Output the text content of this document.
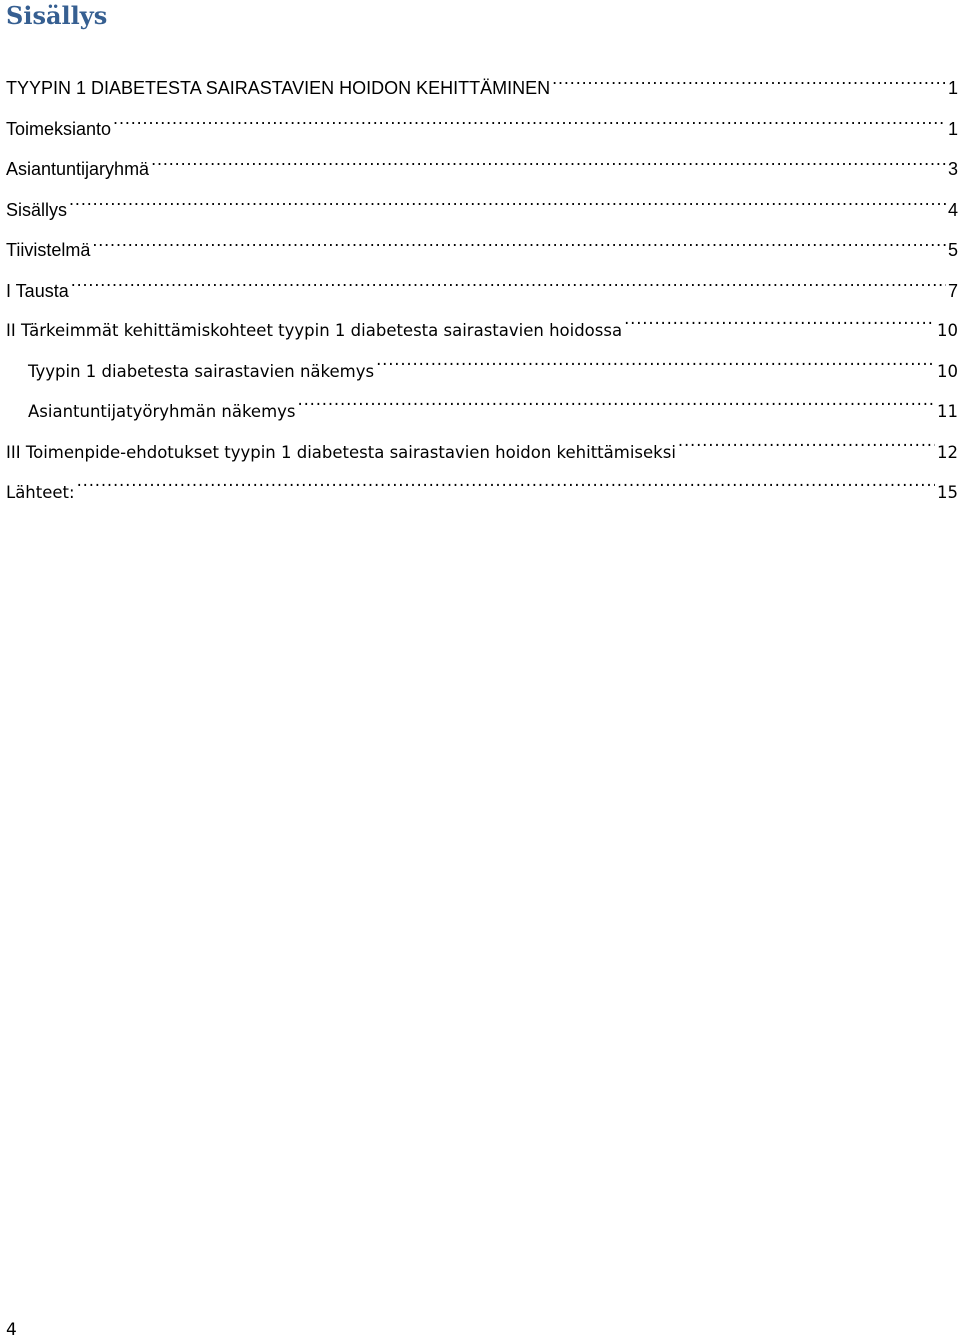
Sisällys
TYYPIN 1 DIABETESTA SAIRASTAVIEN HOIDON KEHITTÄMINEN .....	1
Toimeksianto .....	1
Asiantuntijaryhmä .....	3
Sisällys .....	4
Tiivistelmä .....	5
I Tausta .....	7
II Tärkeimmät kehittämiskohteet tyypin 1 diabetesta sairastavien hoidossa .....	10
Tyypin 1 diabetesta sairastavien näkemys .....	10
Asiantuntijatyöryhmän näkemys .....	11
III Toimenpide-ehdotukset tyypin 1 diabetesta sairastavien hoidon kehittämiseksi .....	12
Lähteet: .....	15
4
